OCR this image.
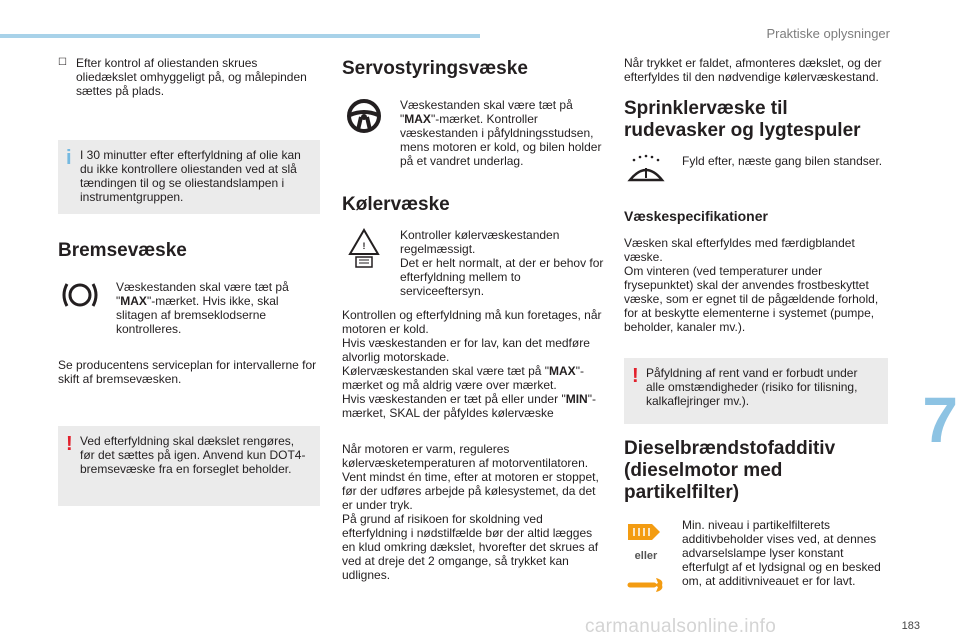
Praktiske oplysninger
7
☐ Efter kontrol af oliestanden skrues oliedækslet omhyggeligt på, og målepinden sættes på plads.
i I 30 minutter efter efterfyldning af olie kan du ikke kontrollere oliestanden ved at slå tændingen til og se oliestandslampen i instrumentgruppen.

Bremsevæske

Væskestanden skal være tæt på "MAX"-mærket. Hvis ikke, skal slitagen af bremseklodserne kontrolleres.

Se producentens serviceplan for intervallerne for skift af bremsevæsken.

! Ved efterfyldning skal dækslet rengøres, før det sættes på igen. Anvend kun DOT4-bremsevæske fra en forseglet beholder.

Servostyringsvæske

Væskestanden skal være tæt på "MAX"-mærket. Kontroller væskestanden i påfyldningsstudsen, mens motoren er kold, og bilen holder på et vandret underlag.

Kølervæske
!

Kontroller kølervæskestanden regelmæssigt.
Det er helt normalt, at der er behov for efterfyldning mellem to serviceeftersyn.

Kontrollen og efterfyldning må kun foretages, når motoren er kold.
Hvis væskestanden er for lav, kan det medføre alvorlig motorskade.
Kølervæskestanden skal være tæt på "MAX"-mærket og må aldrig være over mærket.
Hvis væskestanden er tæt på eller under "MIN"-mærket, SKAL der påfyldes kølervæske

Når motoren er varm, reguleres kølervæsketemperaturen af motorventilatoren. Vent mindst én time, efter at motoren er stoppet, før der udføres arbejde på kølesystemet, da det er under tryk.
På grund af risikoen for skoldning ved efterfyldning i nødstilfælde bør der altid lægges en klud omkring dækslet, hvorefter det skrues af ved at dreje det 2 omgange, så trykket kan udlignes.

Når trykket er faldet, afmonteres dækslet, og der efterfyldes til den nødvendige kølervæskestand.

Sprinklervæske til rudevasker og lygtespuler

Fyld efter, næste gang bilen standser.

Væskespecifikationer

Væsken skal efterfyldes med færdigblandet væske.
Om vinteren (ved temperaturer under frysepunktet) skal der anvendes frostbeskyttet væske, som er egnet til de pågældende forhold, for at beskytte elementerne i systemet (pumpe, beholder, kanaler mv.).

! Påfyldning af rent vand er forbudt under alle omstændigheder (risiko for tilisning, kalkaflejringer mv.).

Dieselbrændstofadditiv (dieselmotor med partikelfilter)
eller

Min. niveau i partikelfilterets additivbeholder vises ved, at dennes advarselslampe lyser konstant efterfulgt af et lydsignal og en besked om, at additivniveauet er for lavt.

carmanualsonline.info	183
